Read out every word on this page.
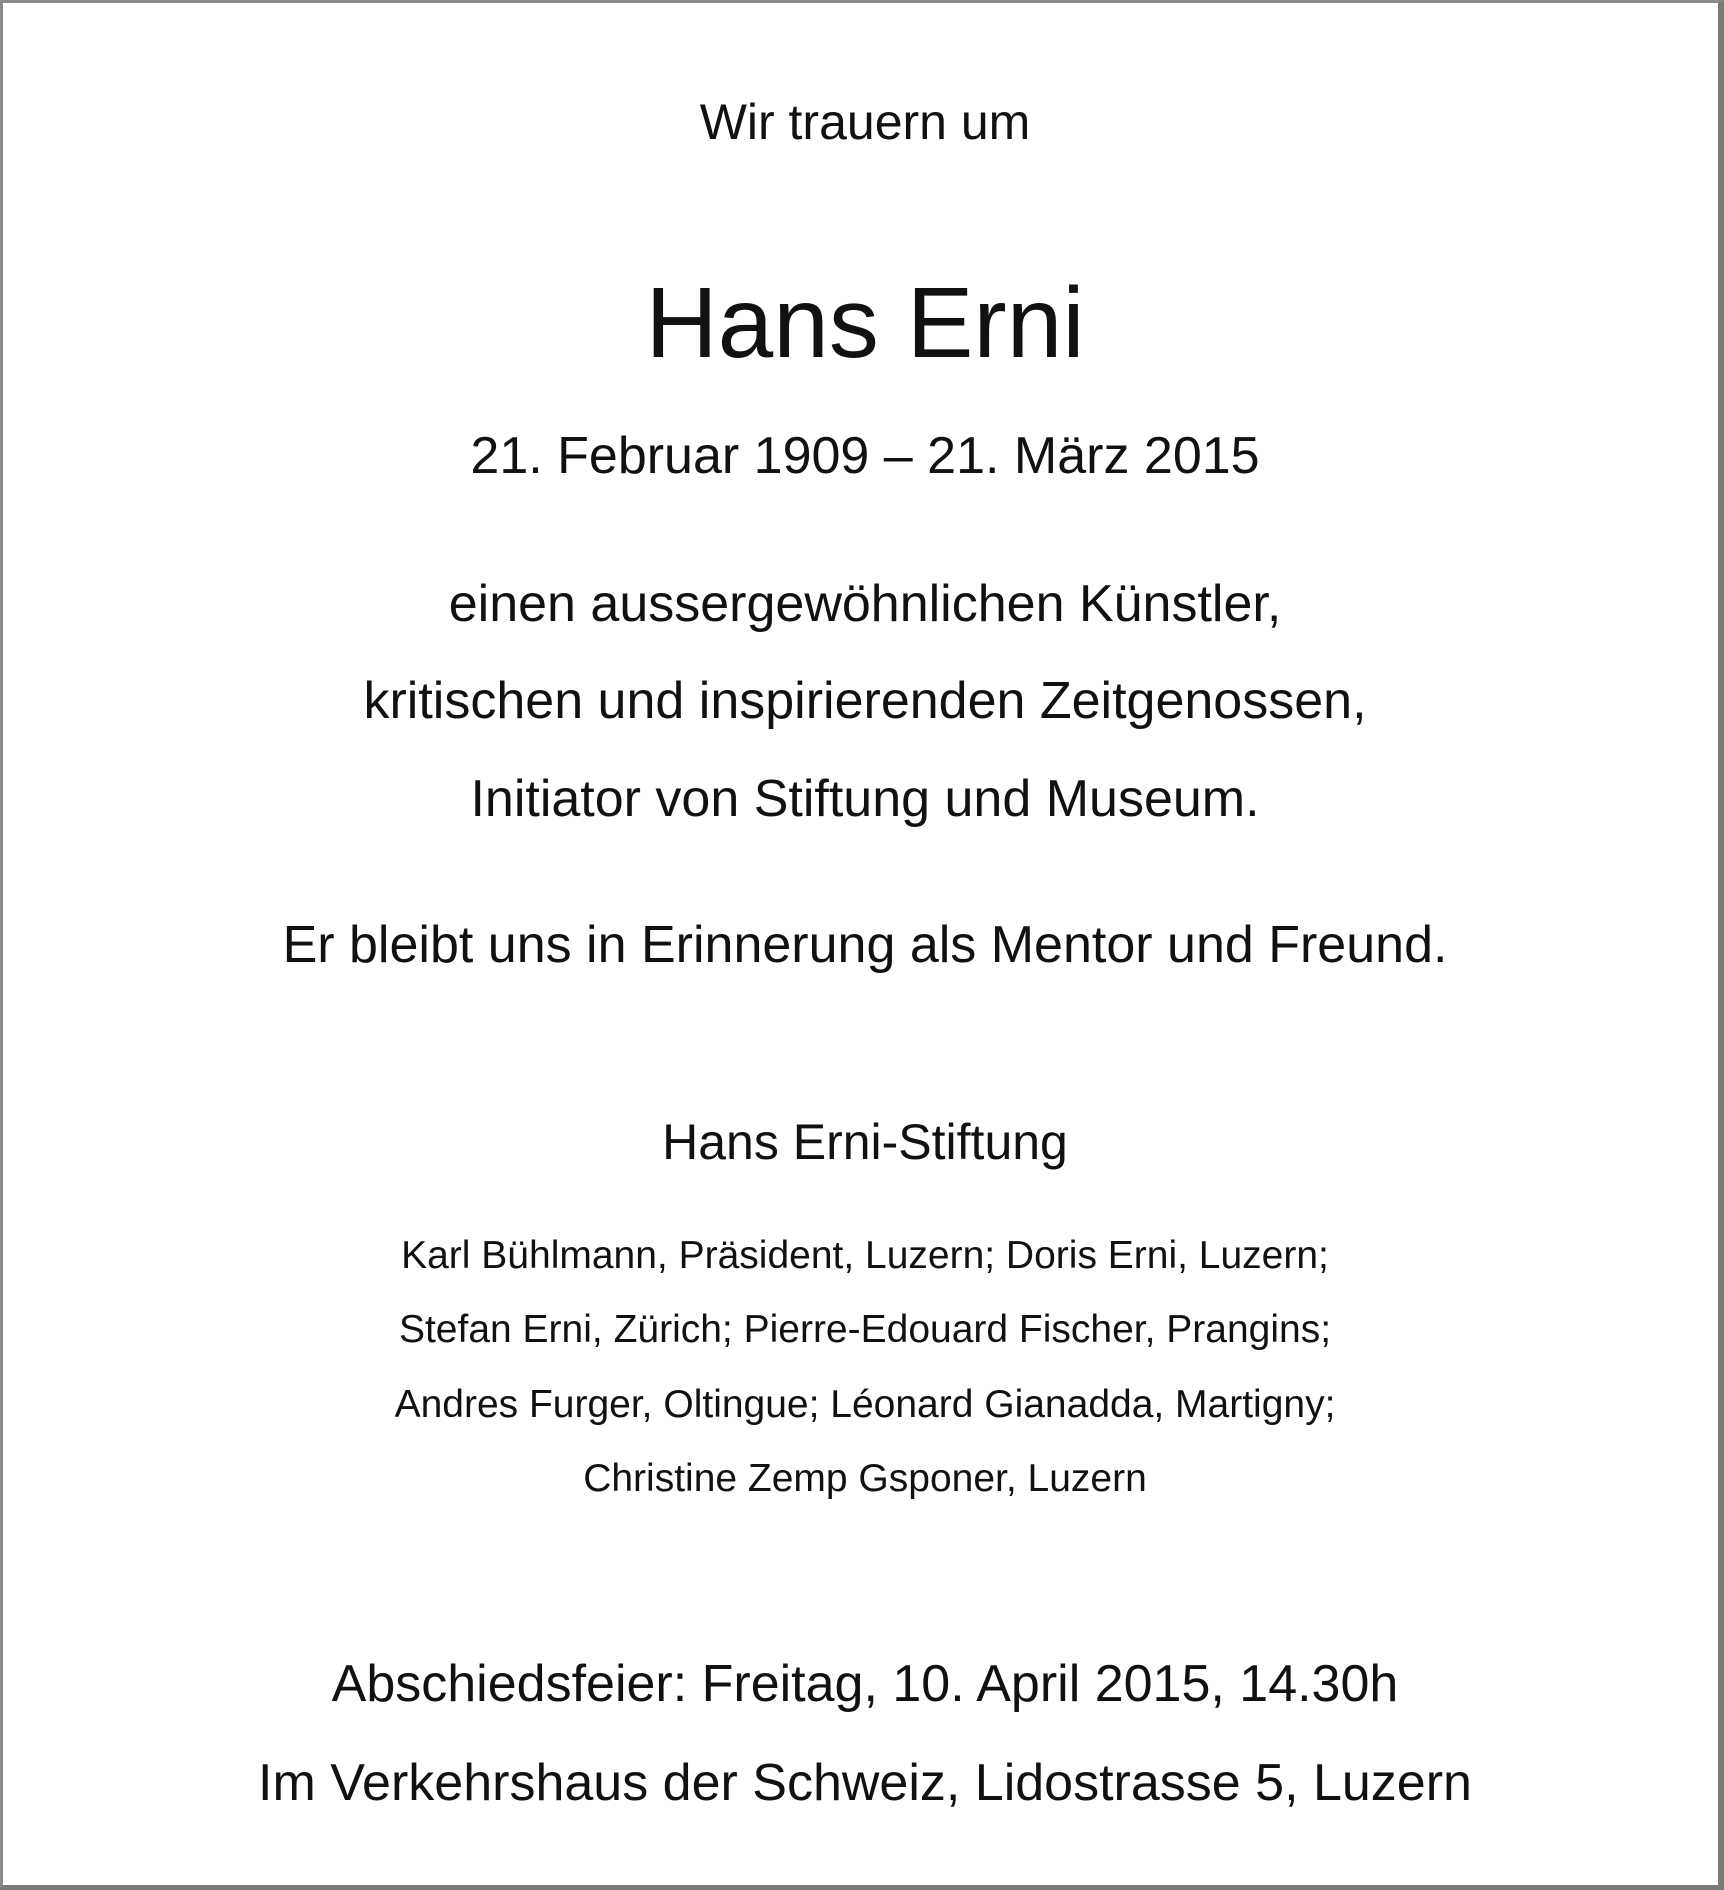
Wir trauern um
Hans Erni
21. Februar 1909 – 21. März 2015
einen aussergewöhnlichen Künstler,
kritischen und inspirierenden Zeitgenossen,
Initiator von Stiftung und Museum.
Er bleibt uns in Erinnerung als Mentor und Freund.
Hans Erni-Stiftung
Karl Bühlmann, Präsident, Luzern; Doris Erni, Luzern;
Stefan Erni, Zürich; Pierre-Edouard Fischer, Prangins;
Andres Furger, Oltingue; Léonard Gianadda, Martigny;
Christine Zemp Gsponer, Luzern
Abschiedsfeier: Freitag, 10. April 2015, 14.30h
Im Verkehrshaus der Schweiz, Lidostrasse 5, Luzern
